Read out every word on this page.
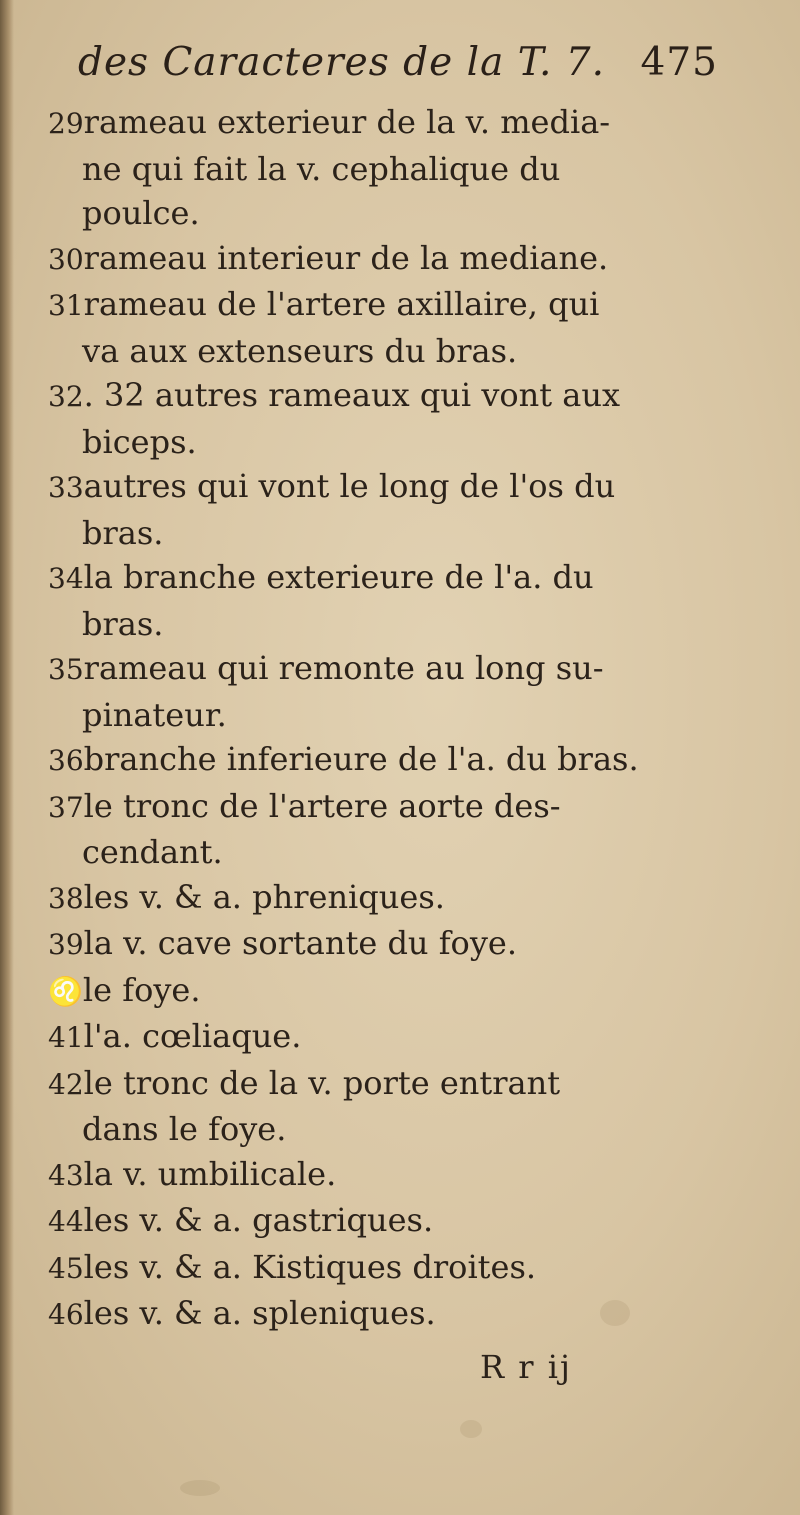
des Caracteres de la T. 7. 475
29rameau exterieur de la v. media-
ne qui fait la v. cephalique du
poulce.
30rameau interieur de la mediane.
31rameau de l'artere axillaire, qui
va aux extenseurs du bras.
32. 32 autres rameaux qui vont aux
biceps.
33autres qui vont le long de l'os du
bras.
34la branche exterieure de l'a. du
bras.
35rameau qui remonte au long su-
pinateur.
36branche inferieure de l'a. du bras.
37le tronc de l'artere aorte des-
cendant.
38les v. & a. phreniques.
39la v. cave sortante du foye.
♌le foye.
41l'a. cœliaque.
42le tronc de la v. porte entrant
dans le foye.
43la v. umbilicale.
44les v. & a. gastriques.
45les v. & a. Kistiques droites.
46les v. & a. spleniques.
R r ij
